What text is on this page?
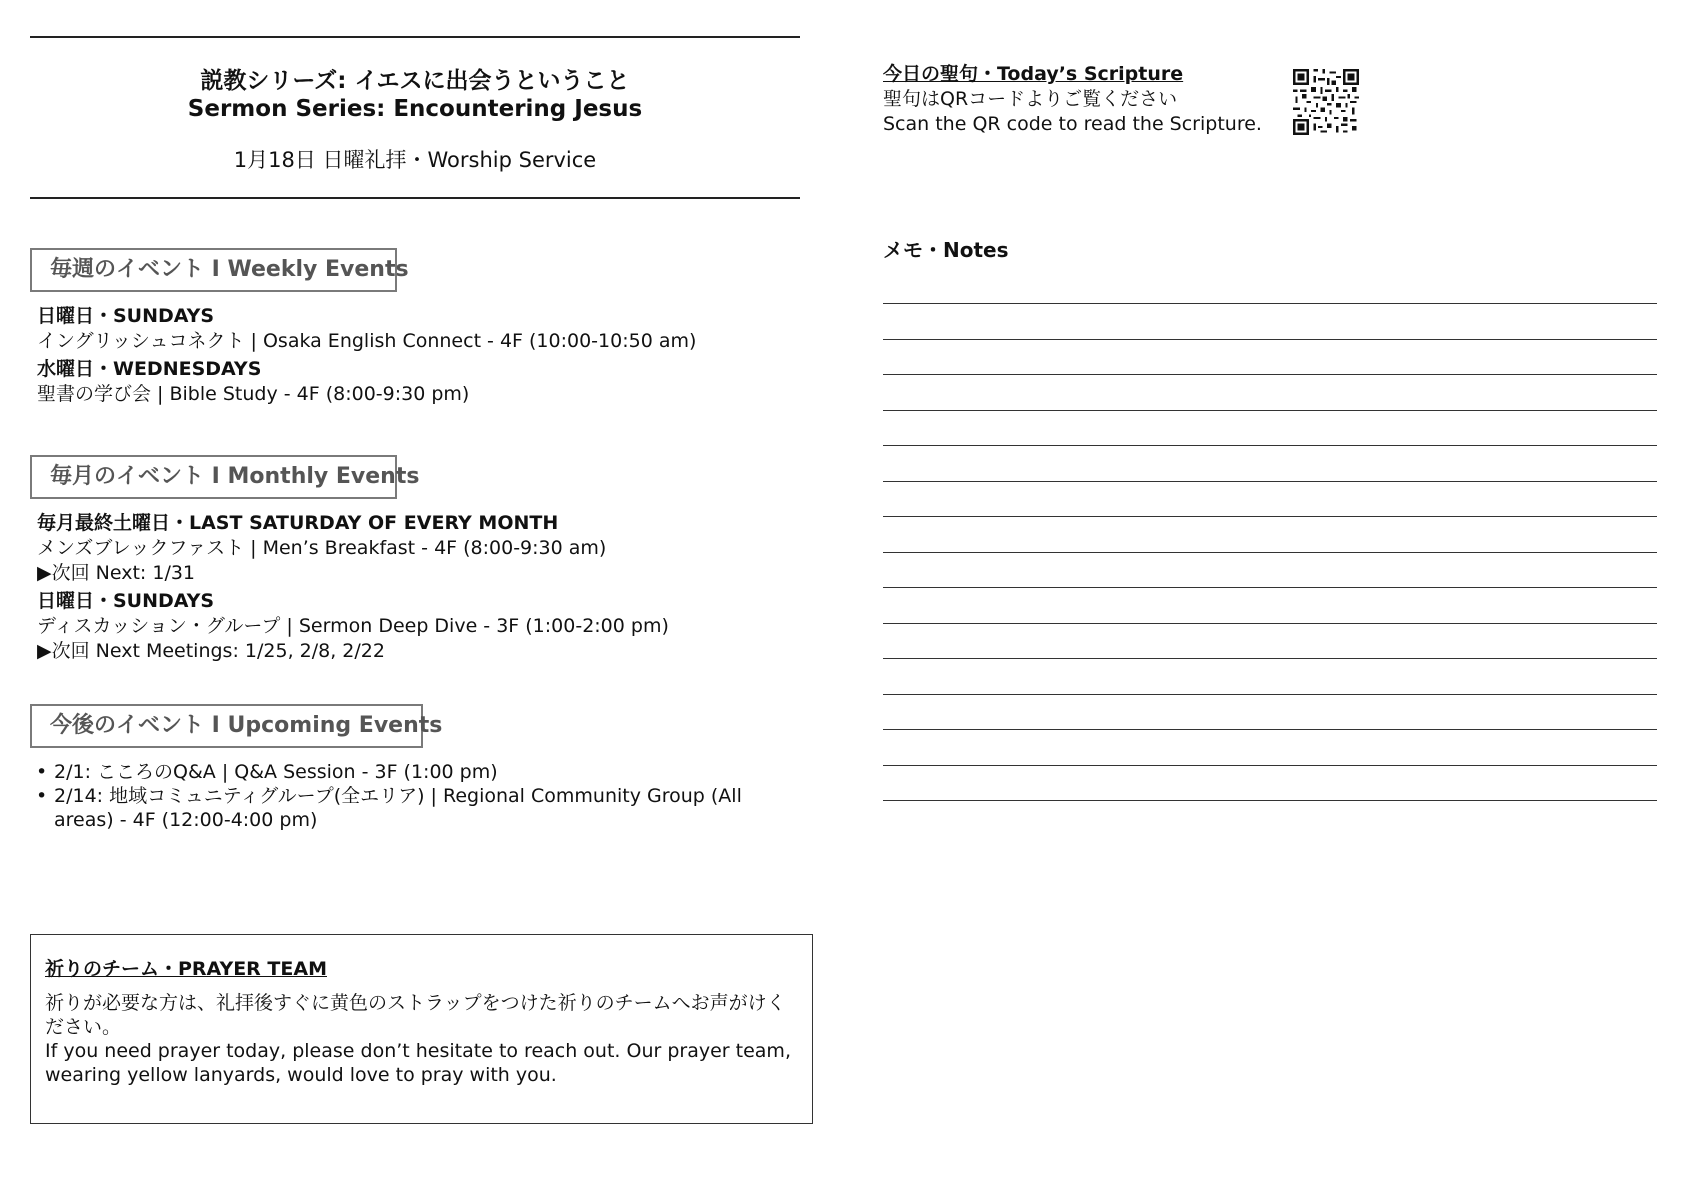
説教シリーズ: イエスに出会うということ
Sermon Series: Encountering Jesus
1月18日 日曜礼拝・Worship Service
毎週のイベント I Weekly Events
日曜日・SUNDAYS
イングリッシュコネクト | Osaka English Connect - 4F (10:00-10:50 am)
水曜日・WEDNESDAYS
聖書の学び会 | Bible Study - 4F (8:00-9:30 pm)
毎月のイベント I Monthly Events
毎月最終土曜日・LAST SATURDAY OF EVERY MONTH
メンズブレックファスト | Men’s Breakfast - 4F (8:00-9:30 am)
▶次回 Next: 1/31
日曜日・SUNDAYS
ディスカッション・グループ | Sermon Deep Dive - 3F (1:00-2:00 pm)
▶次回 Next Meetings: 1/25, 2/8, 2/22
今後のイベント I Upcoming Events
• 2/1: こころのQ&A | Q&A Session - 3F (1:00 pm)
• 2/14: 地域コミュニティグループ(全エリア) | Regional Community Group (All areas) - 4F (12:00-4:00 pm)
祈りのチーム・PRAYER TEAM
祈りが必要な方は、礼拝後すぐに黄色のストラップをつけた祈りのチームへお声がけください。
If you need prayer today, please don’t hesitate to reach out. Our prayer team, wearing yellow lanyards, would love to pray with you.
今日の聖句・Today’s Scripture
聖句はQRコードよりご覧ください
Scan the QR code to read the Scripture.
メモ・Notes
